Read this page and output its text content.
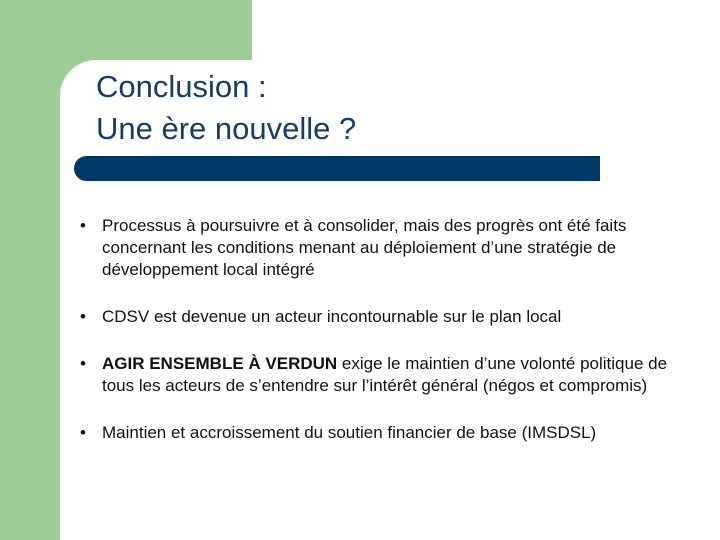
Conclusion :
Une ère nouvelle ?
• Processus à poursuivre et à consolider, mais des progrès ont été faits concernant les conditions menant au déploiement d’une stratégie de développement local intégré
• CDSV est devenue un acteur incontournable sur le plan local
• AGIR ENSEMBLE À VERDUN exige le maintien d’une volonté politique de tous les acteurs de s’entendre sur l’intérêt général (négos et compromis)
• Maintien et accroissement du soutien financier de base (IMSDSL)
